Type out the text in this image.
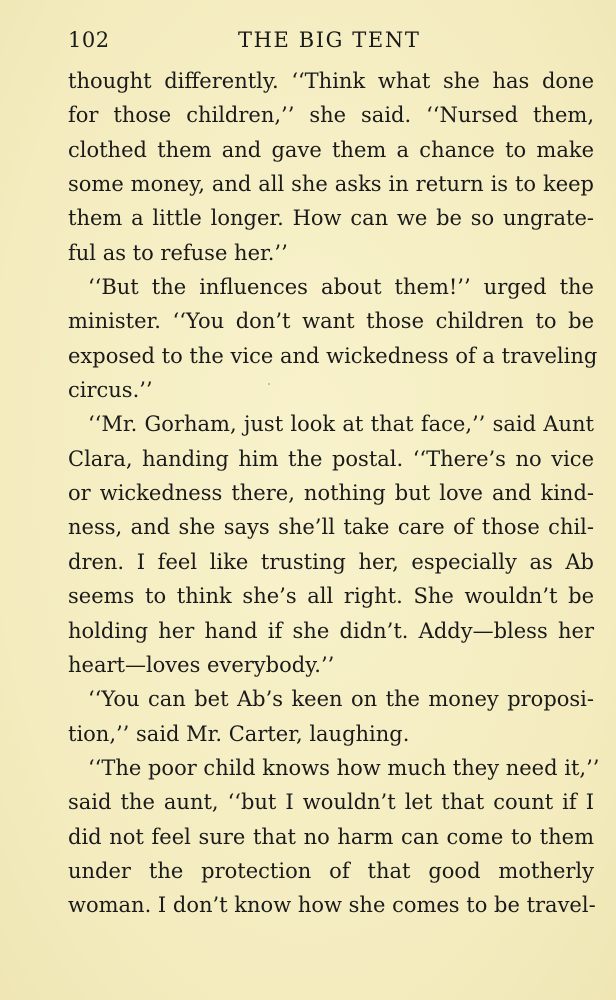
102	THE BIG TENT
thought differently. ‘‘Think what she has done
for those children,’’ she said. ‘‘Nursed them,
clothed them and gave them a chance to make
some money, and all she asks in return is to keep
them a little longer. How can we be so ungrate-
ful as to refuse her.’’
‘‘But the influences about them!’’ urged the
minister. ‘‘You don’t want those children to be
exposed to the vice and wickedness of a traveling
circus.’’
‘‘Mr. Gorham, just look at that face,’’ said Aunt
Clara, handing him the postal. ‘‘There’s no vice
or wickedness there, nothing but love and kind-
ness, and she says she’ll take care of those chil-
dren. I feel like trusting her, especially as Ab
seems to think she’s all right. She wouldn’t be
holding her hand if she didn’t. Addy—bless her
heart—loves everybody.’’
‘‘You can bet Ab’s keen on the money proposi-
tion,’’ said Mr. Carter, laughing.
‘‘The poor child knows how much they need it,’’
said the aunt, ‘‘but I wouldn’t let that count if I
did not feel sure that no harm can come to them
under the protection of that good motherly
woman. I don’t know how she comes to be travel-
